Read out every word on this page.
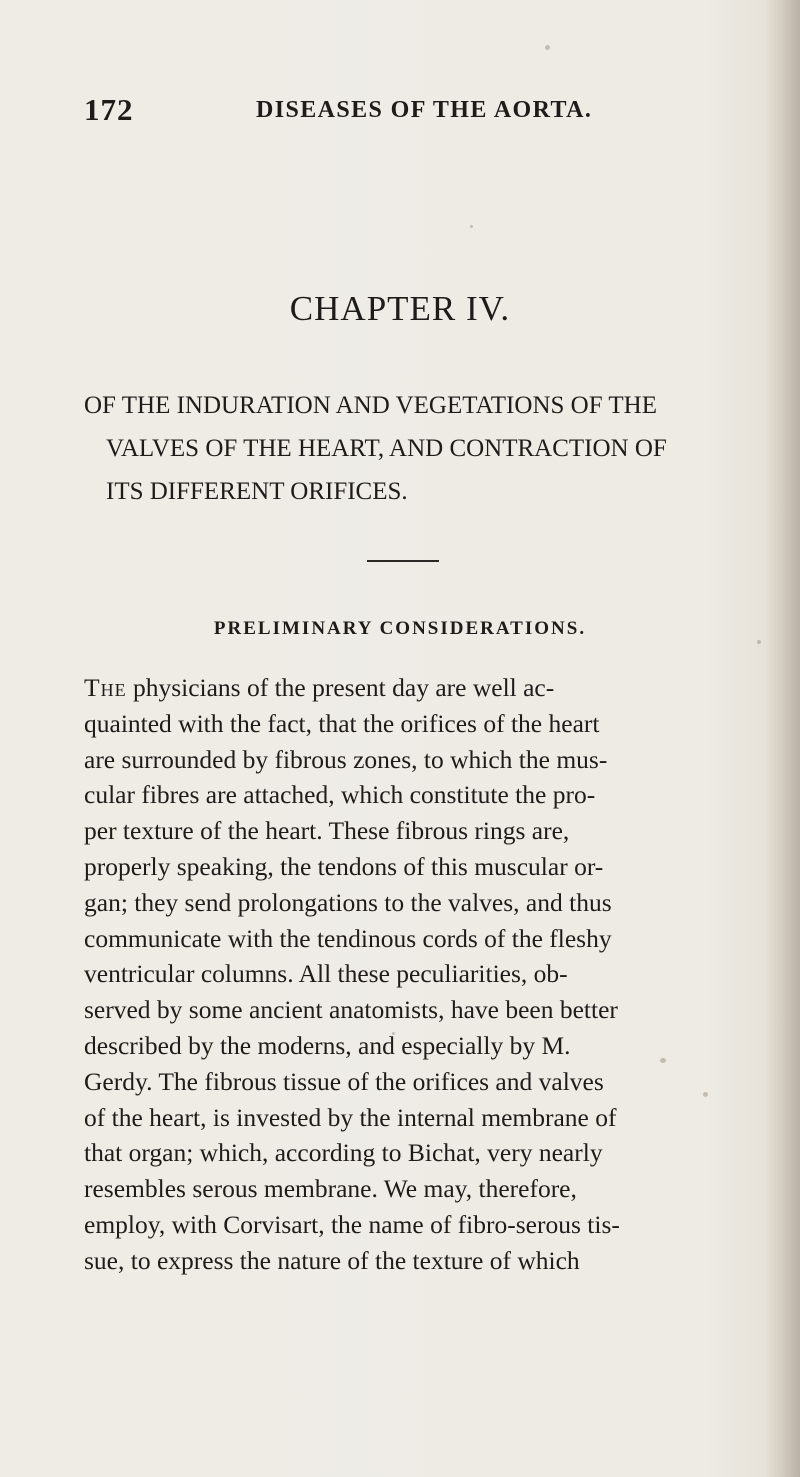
172	DISEASES OF THE AORTA.
CHAPTER IV.
OF THE INDURATION AND VEGETATIONS OF THE
VALVES OF THE HEART, AND CONTRACTION OF
ITS DIFFERENT ORIFICES.
PRELIMINARY CONSIDERATIONS.
The physicians of the present day are well ac-
quainted with the fact, that the orifices of the heart
are surrounded by fibrous zones, to which the mus-
cular fibres are attached, which constitute the pro-
per texture of the heart. These fibrous rings are,
properly speaking, the tendons of this muscular or-
gan; they send prolongations to the valves, and thus
communicate with the tendinous cords of the fleshy
ventricular columns. All these peculiarities, ob-
served by some ancient anatomists, have been better
described by the moderns, and especially by M.
Gerdy. The fibrous tissue of the orifices and valves
of the heart, is invested by the internal membrane of
that organ; which, according to Bichat, very nearly
resembles serous membrane. We may, therefore,
employ, with Corvisart, the name of fibro-serous tis-
sue, to express the nature of the texture of which
